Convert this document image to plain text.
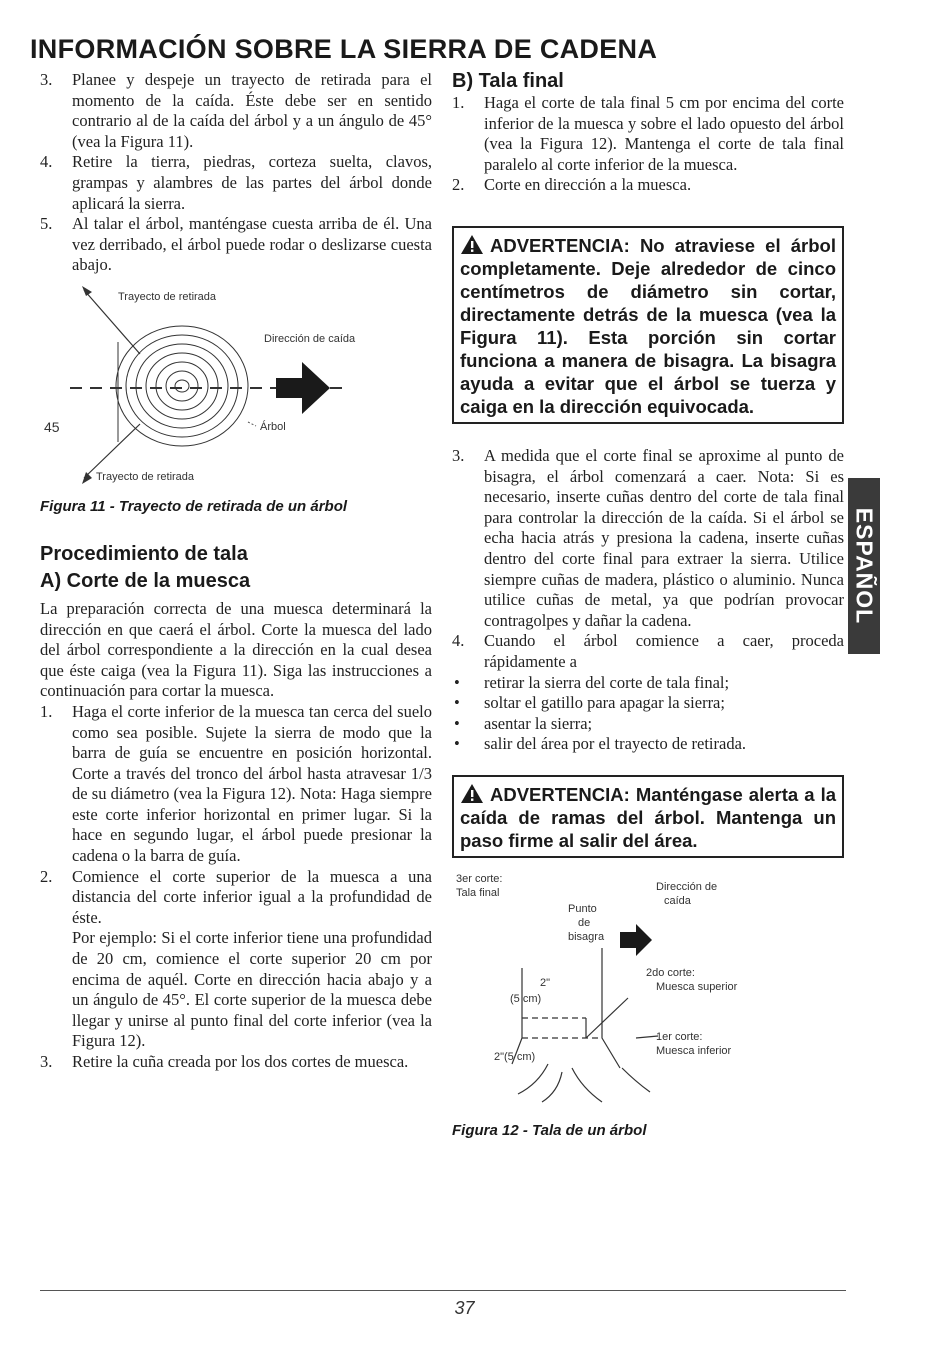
INFORMACIÓN SOBRE LA SIERRA DE CADENA
3. Planee y despeje un trayecto de retirada para el momento de la caída. Éste debe ser en sentido contrario al de la caída del árbol y a un ángulo de 45° (vea la Figura 11).
4. Retire la tierra, piedras, corteza suelta, clavos, grampas y alambres de las partes del árbol donde aplicará la sierra.
5. Al talar el árbol, manténgase cuesta arriba de él. Una vez derribado, el árbol puede rodar o deslizarse cuesta abajo.
Trayecto de retirada
Dirección de caída
45	Árbol
Trayecto de retirada
Figura 11 - Trayecto de retirada de un árbol
Procedimiento de tala
A) Corte de la muesca

La preparación correcta de una muesca determinará la dirección en que caerá el árbol. Corte la muesca del lado del árbol correspondiente a la dirección en la cual desea que éste caiga (vea la Figura 11). Siga las instrucciones a continuación para cortar la muesca.

1. Haga el corte inferior de la muesca tan cerca del suelo como sea posible. Sujete la sierra de modo que la barra de guía se encuentre en posición horizontal. Corte a través del tronco del árbol hasta atravesar 1/3 de su diámetro (vea la Figura 12). Nota: Haga siempre este corte inferior horizontal en primer lugar. Si la hace en segundo lugar, el árbol puede presionar la cadena o la barra de guía.
2. Comience el corte superior de la muesca a una distancia del corte inferior igual a la profundidad de éste.
Por ejemplo: Si el corte inferior tiene una profundidad de 20 cm, comience el corte superior 20 cm por encima de aquél. Corte en dirección hacia abajo y a un ángulo de 45°. El corte superior de la muesca debe llegar y unirse al punto final del corte inferior (vea la Figura 12).
3. Retire la cuña creada por los dos cortes de muesca.
B) Tala final
1. Haga el corte de tala final 5 cm por encima del corte inferior de la muesca y sobre el lado opuesto del árbol (vea la Figura 12). Mantenga el corte de tala final paralelo al corte inferior de la muesca.
2. Corte en dirección a la muesca.
ADVERTENCIA: No atraviese el árbol completamente. Deje alrededor de cinco centímetros de diámetro sin cortar, directamente detrás de la muesca (vea la Figura 11). Esta porción sin cortar funciona a manera de bisagra. La bisagra ayuda a evitar que el árbol se tuerza y caiga en la dirección equivocada.
3. A medida que el corte final se aproxime al punto de bisagra, el árbol comenzará a caer. Nota: Si es necesario, inserte cuñas dentro del corte de tala final para controlar la dirección de la caída. Si el árbol se echa hacia atrás y presiona la cadena, inserte cuñas dentro del corte final para extraer la sierra. Utilice siempre cuñas de madera, plástico o aluminio. Nunca utilice cuñas de metal, ya que podrían provocar contragolpes y dañar la cadena.
4. Cuando el árbol comience a caer, proceda rápidamente a
• retirar la sierra del corte de tala final;
• soltar el gatillo para apagar la sierra;
• asentar la sierra;
• salir del área por el trayecto de retirada.
ADVERTENCIA: Manténgase alerta a la caída de ramas del árbol. Mantenga un paso firme al salir del área.
3er corte:
Tala final
Punto
de
bisagra
Dirección de
caída
2do corte:
Muesca superior
1er corte:
Muesca inferior
2"
(5 cm)
2"(5 cm)
Figura 12 - Tala de un árbol
ESPAÑOL
37
